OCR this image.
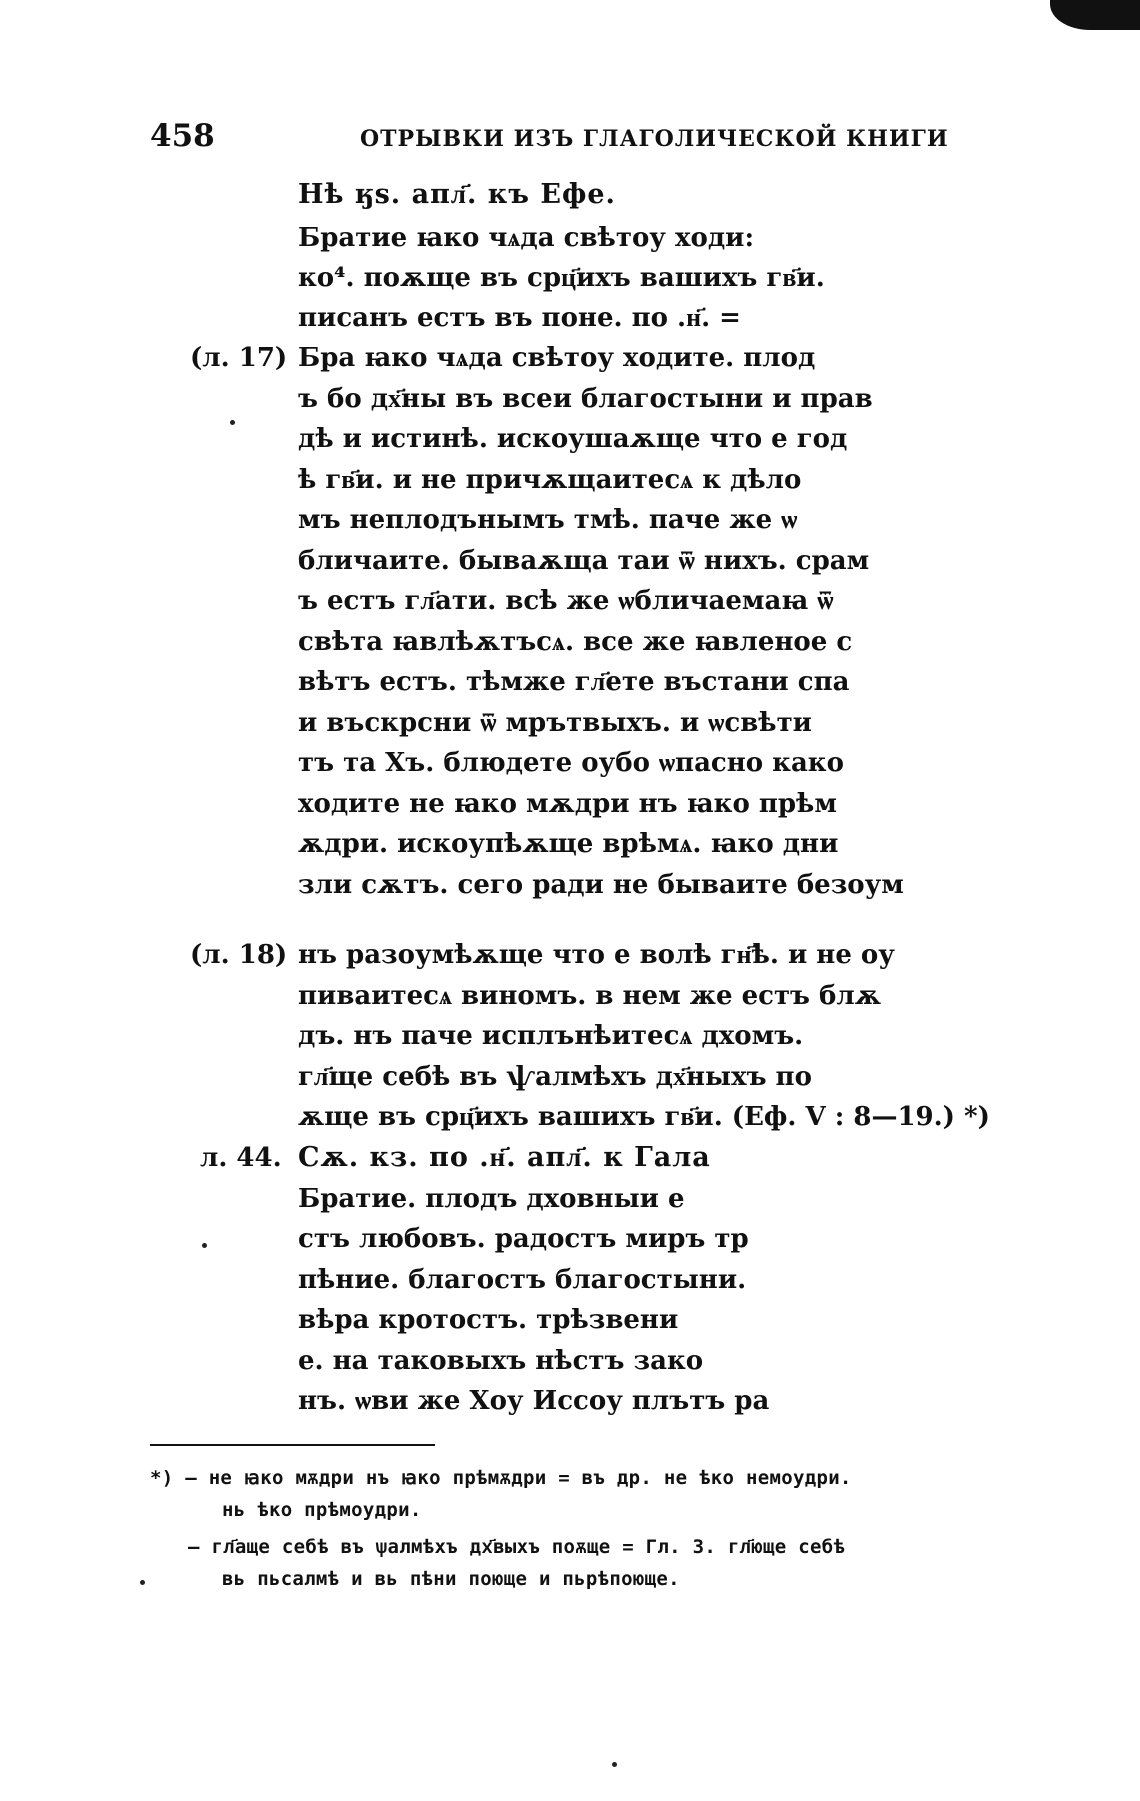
458	ОТРЫВКИ ИЗЪ ГЛАГОЛИЧЕСКОЙ КНИГИ
Нѣ ӄѕ. апл҃. къ Ефе.
Братие ꙗко чѧда свѣтоу ходи:
ко⁴. поѫще въ срц҃ихъ вашихъ гв҃и.
писанъ естъ въ поне. по .н҃. =
(л. 17) Бра ꙗко чѧда свѣтоу ходите. плод
ъ бо дх҃ны въ всеи благостыни и прав
дѣ и истинѣ. искоушаѫще что е год
ѣ гв҃и. и не причѫщаитесѧ к дѣло
мъ неплодънымъ тмѣ. паче же ѡ
бличаите. бываѫща таи ѿ нихъ. срам
ъ естъ гл҃ати. всѣ же ѡбличаемаꙗ ѿ
свѣта ꙗвлѣѫтъсѧ. все же ꙗвленое с
вѣтъ естъ. тѣмже гл҃ете въстани спа
и въскрсни ѿ мрътвыхъ. и ѡсвѣти
тъ та Хъ. блюдете оубо ѡпасно како
ходите не ꙗко мѫдри нъ ꙗко прѣм
ѫдри. искоупѣѫще врѣмѧ. ꙗко дни
зли сѫтъ. сего ради не бываите безоум
(л. 18) нъ разоумѣѫще что е волѣ гн҃ѣ. и не оу
пиваитесѧ виномъ. в нем же естъ блѫ
дъ. нъ паче исплънѣитесѧ дхомъ.
гл҃ще себѣ въ ѱалмѣхъ дх҃ныхъ по
ѫще въ срц҃ихъ вашихъ гв҃и. (Еф. V : 8—19.) *)
л. 44. Сѫ. кз. по .н҃. апл҃. к Гала
Братие. плодъ дховныи е
стъ любовъ. радостъ миръ тр
пѣние. благостъ благостыни.
вѣра кротостъ. трѣзвени
е. на таковыхъ нѣстъ зако
нъ. ѡви же Хоу Иссоу плътъ ра
*) — не ꙗко мѫдри нъ ꙗко прѣмѫдри = въ др. не ѣко немоудри.
нь ѣко прѣмоудри.
— гл҃аще себѣ въ ѱалмѣхъ дх҃выхъ поѫще = Гл. З. гл҃юще себѣ
вь пьсалмѣ и вь пѣни поюще и пьрѣпоюще.
